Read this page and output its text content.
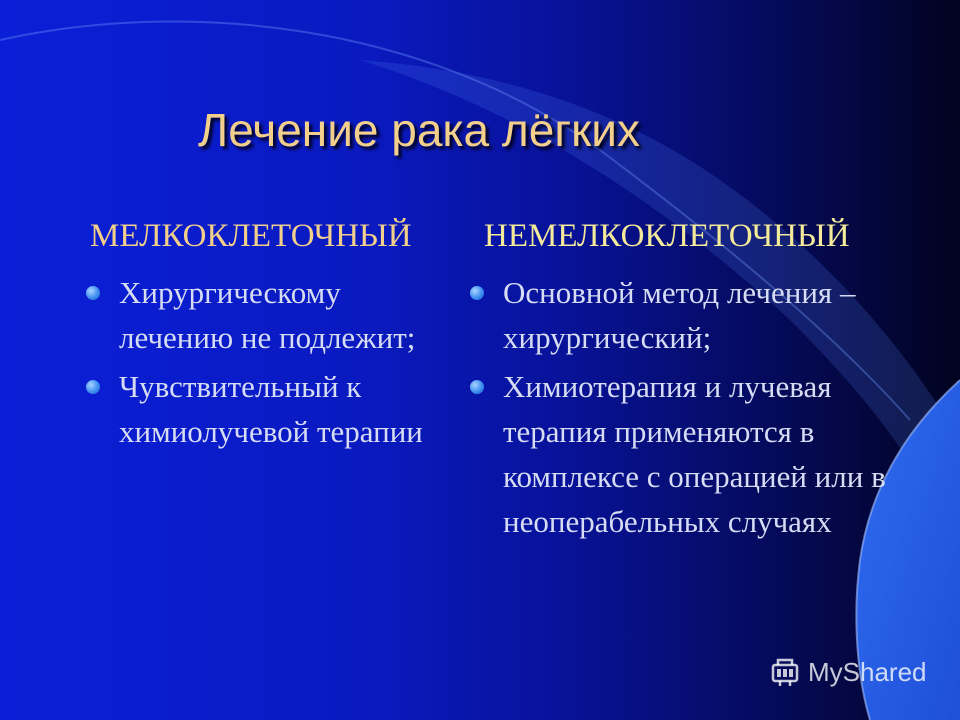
Лечение рака лёгких
МЕЛКОКЛЕТОЧНЫЙ НЕМЕЛКОКЛЕТОЧНЫЙ
Хирургическому лечению не подлежит;
Чувствительный к химиолучевой терапии
Основной метод лечения – хирургический;
Химиотерапия и лучевая терапия применяются в комплексе с операцией или в неоперабельных случаях
MyShared
